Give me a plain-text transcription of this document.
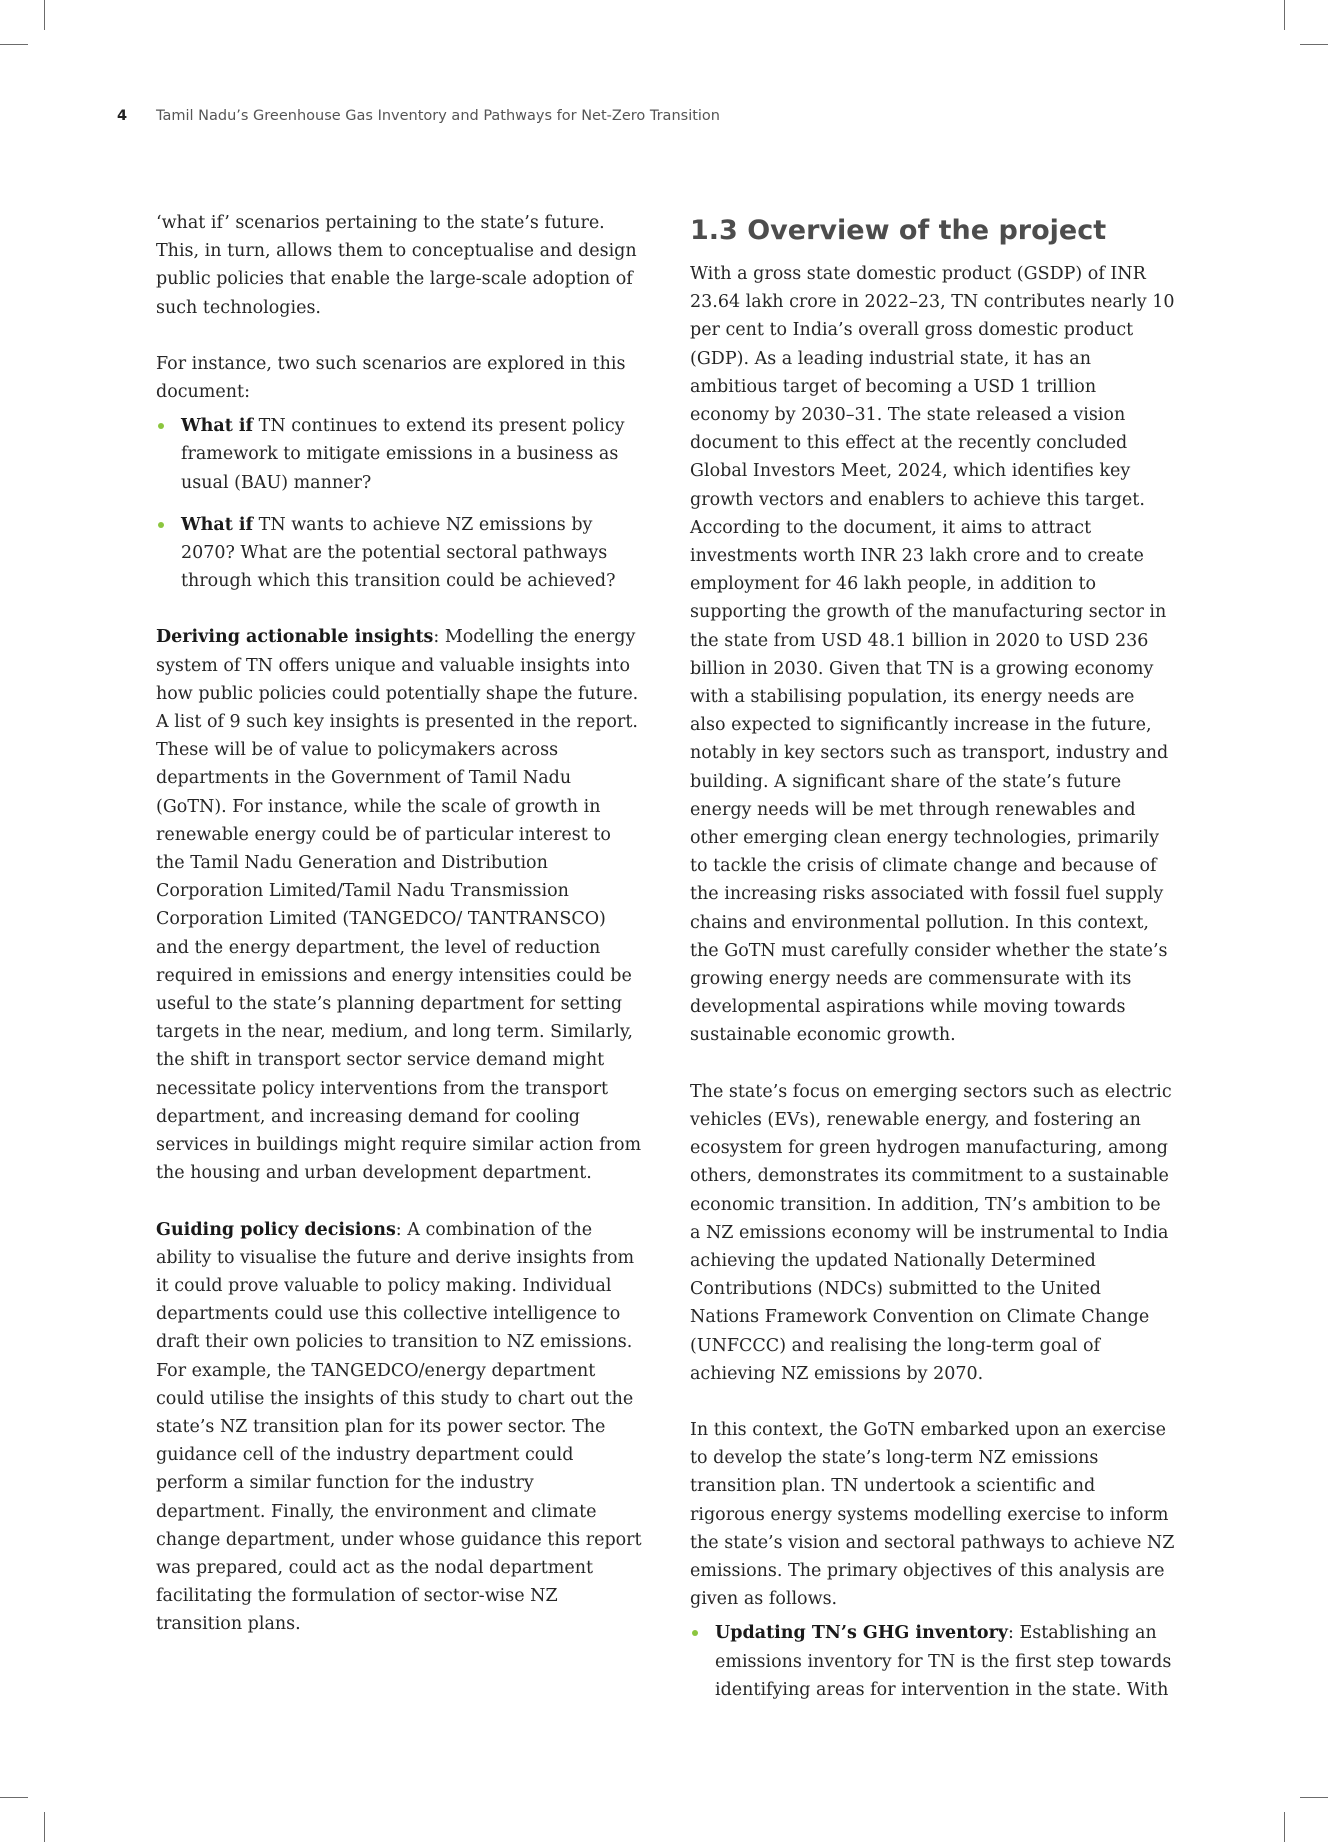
4 Tamil Nadu’s Greenhouse Gas Inventory and Pathways for Net-Zero Transition

‘what if’ scenarios pertaining to the state’s future. This, in turn, allows them to conceptualise and design public policies that enable the large-scale adoption of such technologies.

For instance, two such scenarios are explored in this document:

What if TN continues to extend its present policy framework to mitigate emissions in a business as usual (BAU) manner?
What if TN wants to achieve NZ emissions by 2070? What are the potential sectoral pathways through which this transition could be achieved?

Deriving actionable insights: Modelling the energy system of TN offers unique and valuable insights into how public policies could potentially shape the future. A list of 9 such key insights is presented in the report. These will be of value to policymakers across departments in the Government of Tamil Nadu (GoTN). For instance, while the scale of growth in renewable energy could be of particular interest to the Tamil Nadu Generation and Distribution Corporation Limited/Tamil Nadu Transmission Corporation Limited (TANGEDCO/ TANTRANSCO) and the energy department, the level of reduction required in emissions and energy intensities could be useful to the state’s planning department for setting targets in the near, medium, and long term. Similarly, the shift in transport sector service demand might necessitate policy interventions from the transport department, and increasing demand for cooling services in buildings might require similar action from the housing and urban development department.

Guiding policy decisions: A combination of the ability to visualise the future and derive insights from it could prove valuable to policy making. Individual departments could use this collective intelligence to draft their own policies to transition to NZ emissions. For example, the TANGEDCO/energy department could utilise the insights of this study to chart out the state’s NZ transition plan for its power sector. The guidance cell of the industry department could perform a similar function for the industry department. Finally, the environment and climate change department, under whose guidance this report was prepared, could act as the nodal department facilitating the formulation of sector-wise NZ transition plans.

1.3 Overview of the project

With a gross state domestic product (GSDP) of INR 23.64 lakh crore in 2022–23, TN contributes nearly 10 per cent to India’s overall gross domestic product (GDP). As a leading industrial state, it has an ambitious target of becoming a USD 1 trillion economy by 2030–31. The state released a vision document to this effect at the recently concluded Global Investors Meet, 2024, which identifies key growth vectors and enablers to achieve this target. According to the document, it aims to attract investments worth INR 23 lakh crore and to create employment for 46 lakh people, in addition to supporting the growth of the manufacturing sector in the state from USD 48.1 billion in 2020 to USD 236 billion in 2030. Given that TN is a growing economy with a stabilising population, its energy needs are also expected to significantly increase in the future, notably in key sectors such as transport, industry and building. A significant share of the state’s future energy needs will be met through renewables and other emerging clean energy technologies, primarily to tackle the crisis of climate change and because of the increasing risks associated with fossil fuel supply chains and environmental pollution. In this context, the GoTN must carefully consider whether the state’s growing energy needs are commensurate with its developmental aspirations while moving towards sustainable economic growth.

The state’s focus on emerging sectors such as electric vehicles (EVs), renewable energy, and fostering an ecosystem for green hydrogen manufacturing, among others, demonstrates its commitment to a sustainable economic transition. In addition, TN’s ambition to be a NZ emissions economy will be instrumental to India achieving the updated Nationally Determined Contributions (NDCs) submitted to the United Nations Framework Convention on Climate Change (UNFCCC) and realising the long-term goal of achieving NZ emissions by 2070.

In this context, the GoTN embarked upon an exercise to develop the state’s long-term NZ emissions transition plan. TN undertook a scientific and rigorous energy systems modelling exercise to inform the state’s vision and sectoral pathways to achieve NZ emissions. The primary objectives of this analysis are given as follows.

Updating TN’s GHG inventory: Establishing an emissions inventory for TN is the first step towards identifying areas for intervention in the state. With
